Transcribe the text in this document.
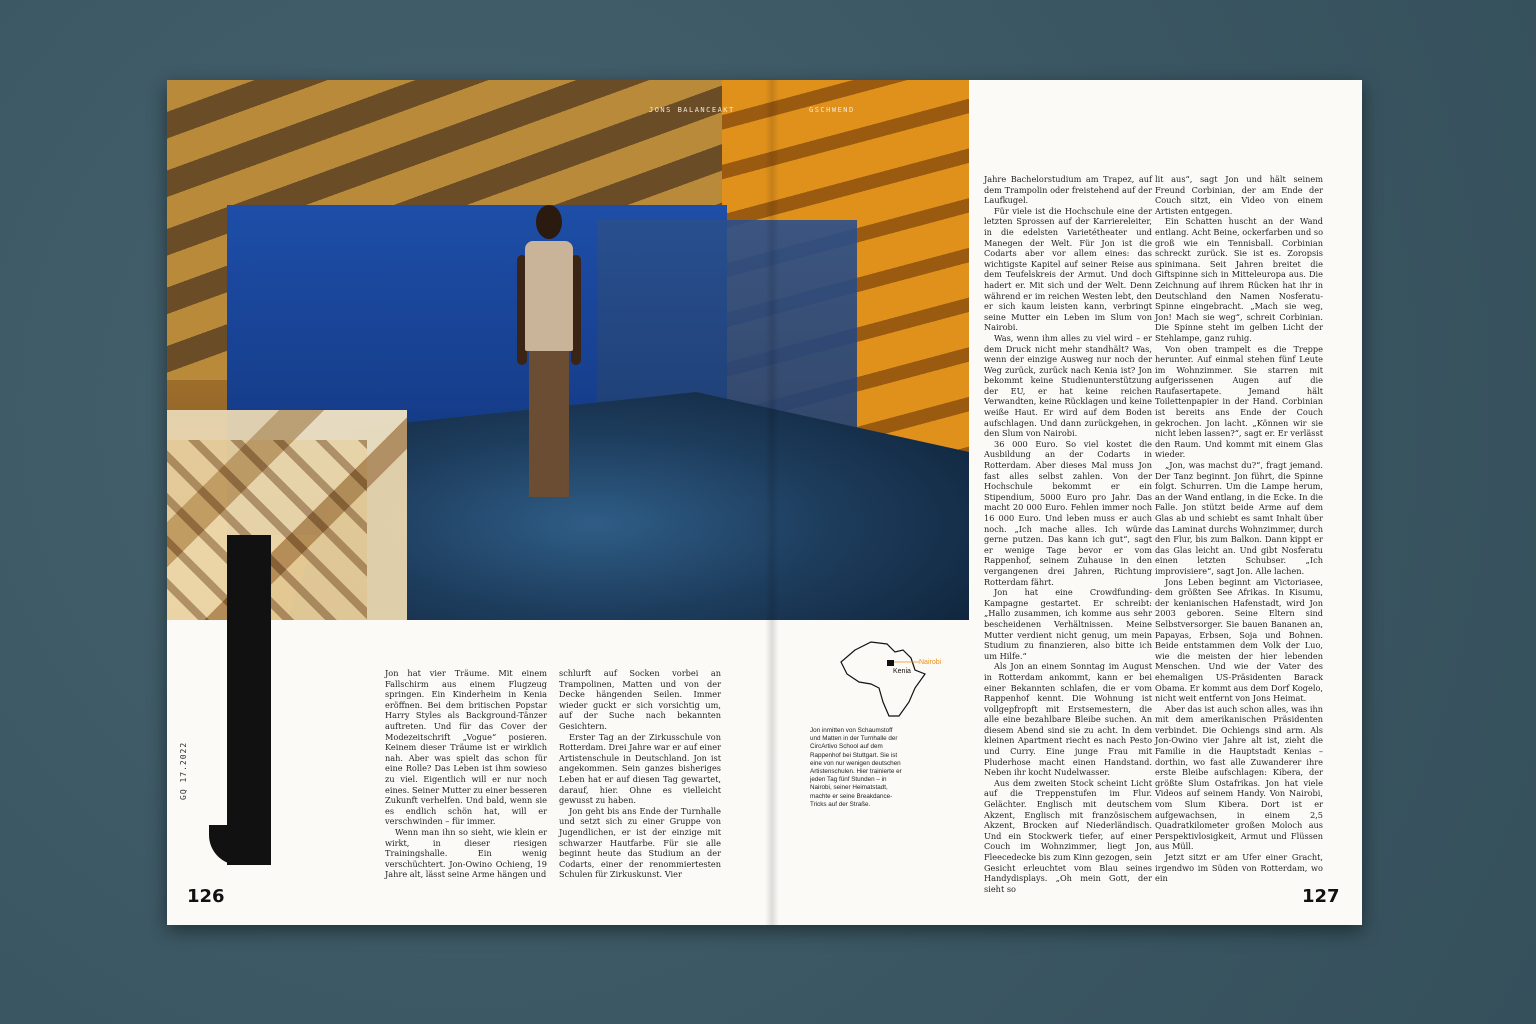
JONS BALANCEAKT	GSCHWEND
GQ 17.2022

Jon hat vier Träume. Mit einem Fallschirm aus einem Flugzeug springen. Ein Kinderheim in Kenia eröffnen. Bei dem britischen Popstar Harry Styles als Background-Tänzer auftreten. Und für das Cover der Modezeitschrift „Vogue“ posieren. Keinem dieser Träume ist er wirklich nah. Aber was spielt das schon für eine Rolle? Das Leben ist ihm sowieso zu viel. Eigentlich will er nur noch eines. Seiner Mutter zu einer besseren Zukunft verhelfen. Und bald, wenn sie es endlich schön hat, will er verschwinden – für immer.

Wenn man ihn so sieht, wie klein er wirkt, in dieser riesigen Trainingshalle. Ein wenig verschüchtert. Jon-Owino Ochieng, 19 Jahre alt, lässt seine Arme hängen und

schlurft auf Socken vorbei an Trampolinen, Matten und von der Decke hängenden Seilen. Immer wieder guckt er sich vorsichtig um, auf der Suche nach bekannten Gesichtern.

Erster Tag an der Zirkusschule von Rotterdam. Drei Jahre war er auf einer Artistenschule in Deutschland. Jon ist angekommen. Sein ganzes bisheriges Leben hat er auf diesen Tag gewartet, darauf, hier. Ohne es vielleicht gewusst zu haben.

Jon geht bis ans Ende der Turnhalle und setzt sich zu einer Gruppe von Jugendlichen, er ist der einzige mit schwarzer Hautfarbe. Für sie alle beginnt heute das Studium an der Codarts, einer der renommiertesten Schulen für Zirkuskunst. Vier

Nairobi
Kenia
Jon inmitten von Schaumstoff und Matten in der Turnhalle der CircArtivo School auf dem Rappenhof bei Stuttgart. Sie ist eine von nur wenigen deutschen Artistenschulen. Hier trainierte er jeden Tag fünf Stunden – in Nairobi, seiner Heimatstadt, machte er seine Breakdance-Tricks auf der Straße.

Jahre Bachelorstudium am Trapez, auf dem Trampolin oder freistehend auf der Laufkugel.

Für viele ist die Hochschule eine der letzten Sprossen auf der Karriereleiter, in die edelsten Varietétheater und Manegen der Welt. Für Jon ist die Codarts aber vor allem eines: das wichtigste Kapitel auf seiner Reise aus dem Teufelskreis der Armut. Und doch hadert er. Mit sich und der Welt. Denn während er im reichen Westen lebt, den er sich kaum leisten kann, verbringt seine Mutter ein Leben im Slum von Nairobi.

Was, wenn ihm alles zu viel wird – er dem Druck nicht mehr standhält? Was, wenn der einzige Ausweg nur noch der Weg zurück, zurück nach Kenia ist? Jon bekommt keine Studienunterstützung der EU, er hat keine reichen Verwandten, keine Rücklagen und keine weiße Haut. Er wird auf dem Boden aufschlagen. Und dann zurückgehen, in den Slum von Nairobi.

36 000 Euro. So viel kostet die Ausbildung an der Codarts in Rotterdam. Aber dieses Mal muss Jon fast alles selbst zahlen. Von der Hochschule bekommt er ein Stipendium, 5000 Euro pro Jahr. Das macht 20 000 Euro. Fehlen immer noch 16 000 Euro. Und leben muss er auch noch. „Ich mache alles. Ich würde gerne putzen. Das kann ich gut“, sagt er wenige Tage bevor er vom Rappenhof, seinem Zuhause in den vergangenen drei Jahren, Richtung Rotterdam fährt.

Jon hat eine Crowdfunding-Kampagne gestartet. Er schreibt: „Hallo zusammen, ich komme aus sehr bescheidenen Verhältnissen. Meine Mutter verdient nicht genug, um mein Studium zu finanzieren, also bitte ich um Hilfe.“

Als Jon an einem Sonntag im August in Rotterdam ankommt, kann er bei einer Bekannten schlafen, die er vom Rappenhof kennt. Die Wohnung ist vollgepfropft mit Erstsemestern, die alle eine bezahlbare Bleibe suchen. An diesem Abend sind sie zu acht. In dem kleinen Apartment riecht es nach Pesto und Curry. Eine junge Frau mit Pluderhose macht einen Handstand. Neben ihr kocht Nudelwasser.

Aus dem zweiten Stock scheint Licht auf die Treppenstufen im Flur. Gelächter. Englisch mit deutschem Akzent, Englisch mit französischem Akzent, Brocken auf Niederländisch. Und ein Stockwerk tiefer, auf einer Couch im Wohnzimmer, liegt Jon, Fleecedecke bis zum Kinn gezogen, sein Gesicht erleuchtet vom Blau seines Handydisplays. „Oh mein Gott, der sieht so

lit aus“, sagt Jon und hält seinem Freund Corbinian, der am Ende der Couch sitzt, ein Video von einem Artisten entgegen.

Ein Schatten huscht an der Wand entlang. Acht Beine, ockerfarben und so groß wie ein Tennisball. Corbinian schreckt zurück. Sie ist es. Zoropsis spinimana. Seit Jahren breitet die Giftspinne sich in Mitteleuropa aus. Die Zeichnung auf ihrem Rücken hat ihr in Deutschland den Namen Nosferatu-Spinne eingebracht. „Mach sie weg, Jon! Mach sie weg“, schreit Corbinian. Die Spinne steht im gelben Licht der Stehlampe, ganz ruhig.

Von oben trampelt es die Treppe herunter. Auf einmal stehen fünf Leute im Wohnzimmer. Sie starren mit aufgerissenen Augen auf die Raufasertapete. Jemand hält Toilettenpapier in der Hand. Corbinian ist bereits ans Ende der Couch gekrochen. Jon lacht. „Können wir sie nicht leben lassen?“, sagt er. Er verlässt den Raum. Und kommt mit einem Glas wieder.

„Jon, was machst du?“, fragt jemand. Der Tanz beginnt. Jon führt, die Spinne folgt. Schurren. Um die Lampe herum, an der Wand entlang, in die Ecke. In die Falle. Jon stützt beide Arme auf dem Glas ab und schiebt es samt Inhalt über das Laminat durchs Wohnzimmer, durch den Flur, bis zum Balkon. Dann kippt er das Glas leicht an. Und gibt Nosferatu einen letzten Schubser. „Ich improvisiere“, sagt Jon. Alle lachen.

Jons Leben beginnt am Victoriasee, dem größten See Afrikas. In Kisumu, der kenianischen Hafenstadt, wird Jon 2003 geboren. Seine Eltern sind Selbstversorger. Sie bauen Bananen an, Papayas, Erbsen, Soja und Bohnen. Beide entstammen dem Volk der Luo, wie die meisten der hier lebenden Menschen. Und wie der Vater des ehemaligen US-Präsidenten Barack Obama. Er kommt aus dem Dorf Kogelo, nicht weit entfernt von Jons Heimat.

Aber das ist auch schon alles, was ihn mit dem amerikanischen Präsidenten verbindet. Die Ochiengs sind arm. Als Jon-Owino vier Jahre alt ist, zieht die Familie in die Hauptstadt Kenias – dorthin, wo fast alle Zuwanderer ihre erste Bleibe aufschlagen: Kibera, der größte Slum Ostafrikas. Jon hat viele Videos auf seinem Handy. Von Nairobi, vom Slum Kibera. Dort ist er aufgewachsen, in einem 2,5 Quadratkilometer großen Moloch aus Perspektivlosigkeit, Armut und Flüssen aus Müll.

Jetzt sitzt er am Ufer einer Gracht, irgendwo im Süden von Rotterdam, wo ein

126	127
